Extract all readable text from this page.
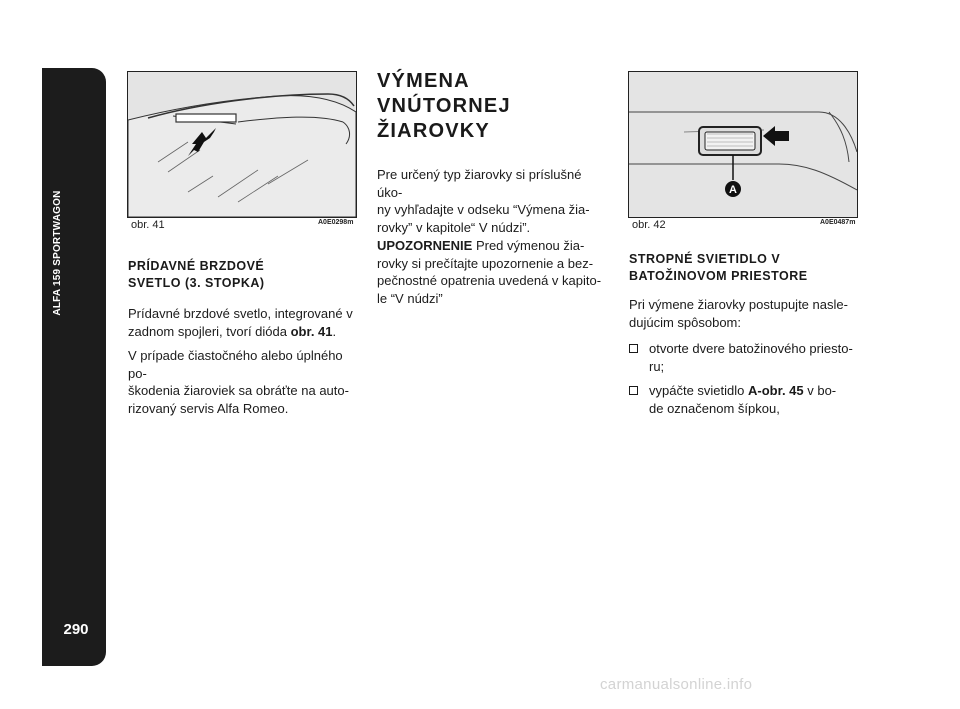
ALFA 159 SPORTWAGON
290
obr. 41	A0E0298m
PRÍDAVNÉ BRZDOVÉ
SVETLO (3. STOPKA)
Prídavné brzdové svetlo, integrované v
zadnom spojleri, tvorí dióda obr. 41.
V prípade čiastočného alebo úplného po-
škodenia žiaroviek sa obráťte na auto-
rizovaný servis Alfa Romeo.
VÝMENA
VNÚTORNEJ
ŽIAROVKY
Pre určený typ žiarovky si príslušné úko-
ny vyhľadajte v odseku “Výmena žia-
rovky” v kapitole“ V núdzi”.
UPOZORNENIE Pred výmenou žia-
rovky si prečítajte upozornenie a bez-
pečnostné opatrenia uvedená v kapito-
le “V núdzi”
A
obr. 42	A0E0487m
STROPNÉ SVIETIDLO V
BATOŽINOVOM PRIESTORE
Pri výmene žiarovky postupujte nasle-
dujúcim spôsobom:
otvorte dvere batožinového priesto-
ru;
vypáčte svietidlo A-obr. 45 v bo-
de označenom šípkou,
carmanualsonline.info
